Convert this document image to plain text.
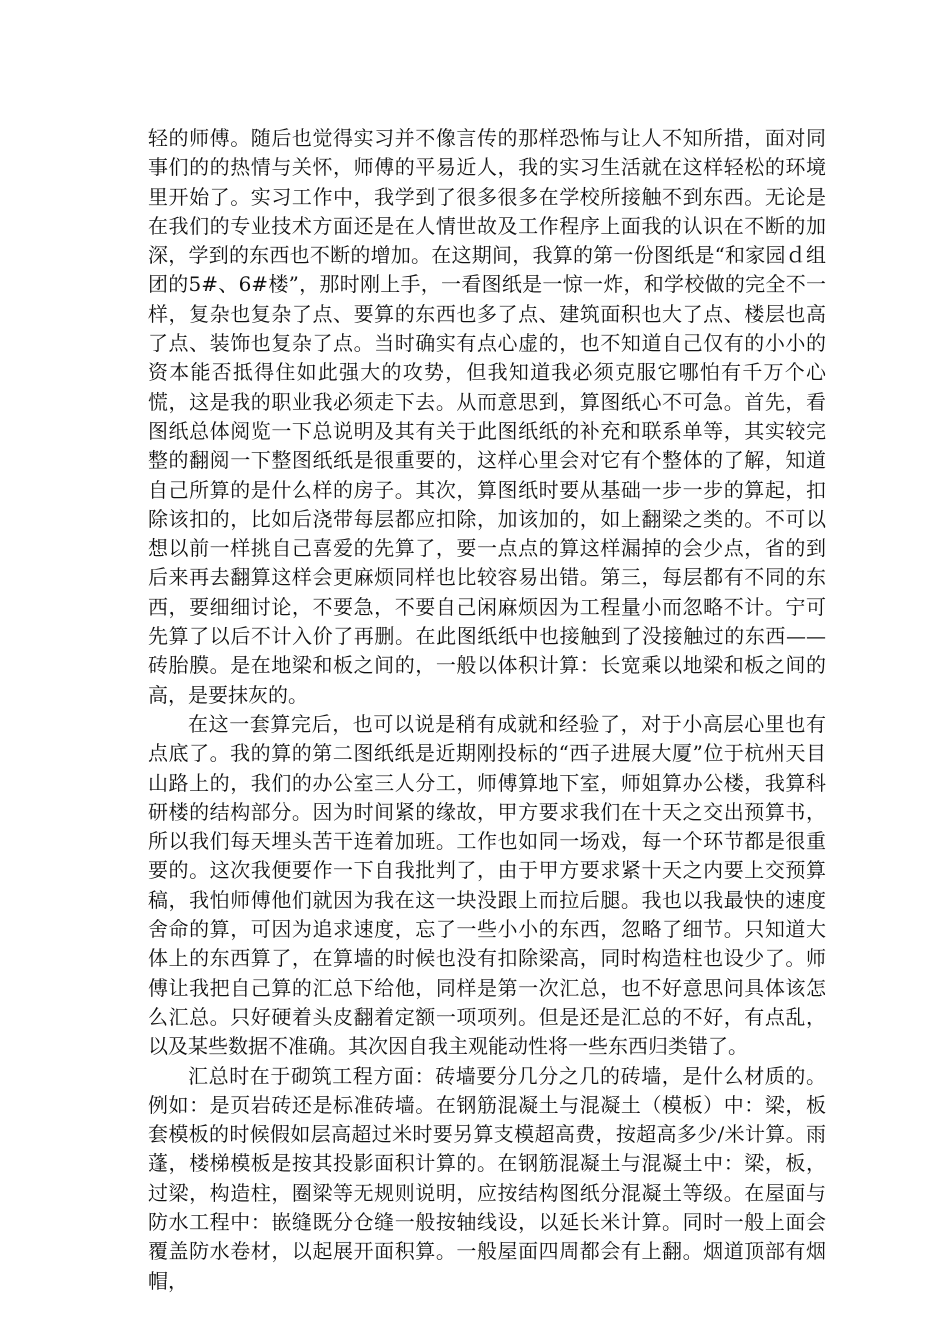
轻的师傅。随后也觉得实习并不像言传的那样恐怖与让人不知所措，面对同事们的的热情与关怀，师傅的平易近人，我的实习生活就在这样轻松的环境里开始了。实习工作中，我学到了很多很多在学校所接触不到东西。无论是在我们的专业技术方面还是在人情世故及工作程序上面我的认识在不断的加深，学到的东西也不断的增加。在这期间，我算的第一份图纸是“和家园ｄ组团的5#、6#楼”，那时刚上手，一看图纸是一惊一炸，和学校做的完全不一样，复杂也复杂了点、要算的东西也多了点、建筑面积也大了点、楼层也高了点、装饰也复杂了点。当时确实有点心虚的，也不知道自己仅有的小小的资本能否抵得住如此强大的攻势，但我知道我必须克服它哪怕有千万个心慌，这是我的职业我必须走下去。从而意思到，算图纸心不可急。首先，看图纸总体阅览一下总说明及其有关于此图纸纸的补充和联系单等，其实较完整的翻阅一下整图纸纸是很重要的，这样心里会对它有个整体的了解，知道自己所算的是什么样的房子。其次，算图纸时要从基础一步一步的算起，扣除该扣的，比如后浇带每层都应扣除，加该加的，如上翻梁之类的。不可以想以前一样挑自己喜爱的先算了，要一点点的算这样漏掉的会少点，省的到后来再去翻算这样会更麻烦同样也比较容易出错。第三，每层都有不同的东西，要细细讨论，不要急，不要自己闲麻烦因为工程量小而忽略不计。宁可先算了以后不计入价了再删。在此图纸纸中也接触到了没接触过的东西——砖胎膜。是在地梁和板之间的，一般以体积计算：长宽乘以地梁和板之间的高，是要抹灰的。

在这一套算完后，也可以说是稍有成就和经验了，对于小高层心里也有点底了。我的算的第二图纸纸是近期刚投标的“西子进展大厦”位于杭州天目山路上的，我们的办公室三人分工，师傅算地下室，师姐算办公楼，我算科研楼的结构部分。因为时间紧的缘故，甲方要求我们在十天之交出预算书，所以我们每天埋头苦干连着加班。工作也如同一场戏，每一个环节都是很重要的。这次我便要作一下自我批判了，由于甲方要求紧十天之内要上交预算稿，我怕师傅他们就因为我在这一块没跟上而拉后腿。我也以我最快的速度舍命的算，可因为追求速度，忘了一些小小的东西，忽略了细节。只知道大体上的东西算了，在算墙的时候也没有扣除梁高，同时构造柱也设少了。师傅让我把自己算的汇总下给他，同样是第一次汇总，也不好意思问具体该怎么汇总。只好硬着头皮翻着定额一项项列。但是还是汇总的不好，有点乱，以及某些数据不准确。其次因自我主观能动性将一些东西归类错了。

汇总时在于砌筑工程方面：砖墙要分几分之几的砖墙，是什么材质的。例如：是页岩砖还是标准砖墙。在钢筋混凝土与混凝土（模板）中：梁，板套模板的时候假如层高超过米时要另算支模超高费，按超高多少/米计算。雨蓬，楼梯模板是按其投影面积计算的。在钢筋混凝土与混凝土中：梁，板，过梁，构造柱，圈梁等无规则说明，应按结构图纸分混凝土等级。在屋面与防水工程中：嵌缝既分仓缝一般按轴线设，以延长米计算。同时一般上面会覆盖防水卷材，以起展开面积算。一般屋面四周都会有上翻。烟道顶部有烟帽，
